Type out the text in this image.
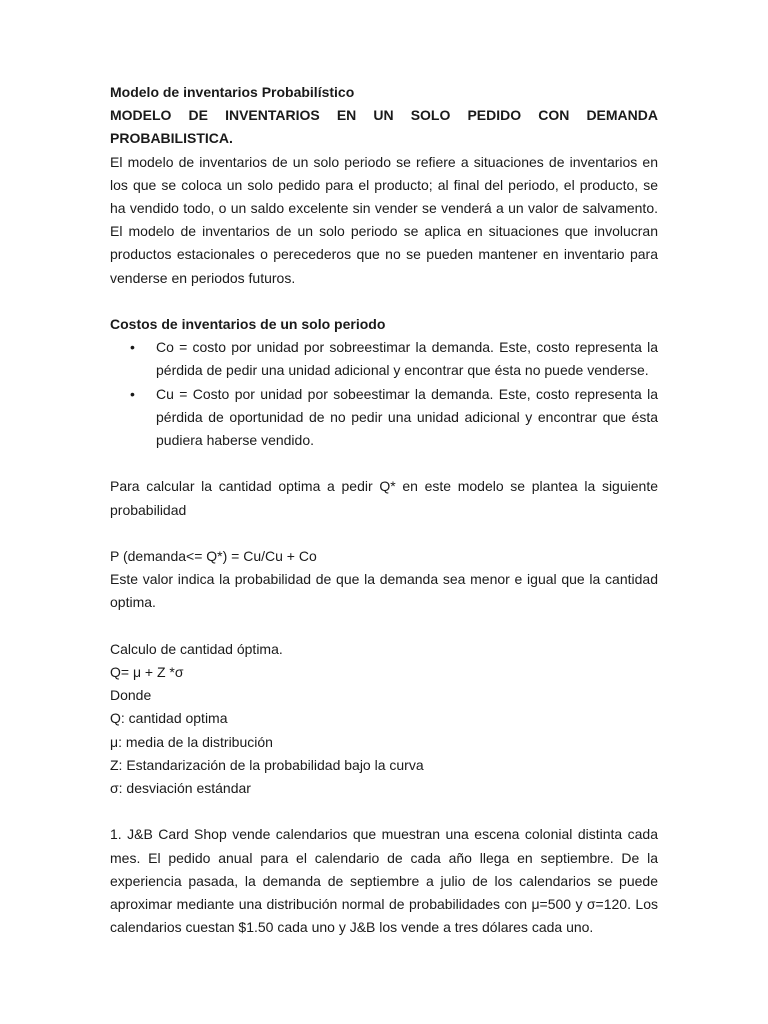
Modelo de inventarios Probabilístico

MODELO DE INVENTARIOS EN UN SOLO PEDIDO CON DEMANDA PROBABILISTICA.

El modelo de inventarios de un solo periodo se refiere a situaciones de inventarios en los que se coloca un solo pedido para el producto; al final del periodo, el producto, se ha vendido todo, o un saldo excelente sin vender se venderá a un valor de salvamento. El modelo de inventarios de un solo periodo se aplica en situaciones que involucran productos estacionales o perecederos que no se pueden mantener en inventario para venderse en periodos futuros.

Costos de inventarios de un solo periodo

• Co = costo por unidad por sobreestimar la demanda. Este, costo representa la pérdida de pedir una unidad adicional y encontrar que ésta no puede venderse.
• Cu = Costo por unidad por sobeestimar la demanda. Este, costo representa la pérdida de oportunidad de no pedir una unidad adicional y encontrar que ésta pudiera haberse vendido.

Para calcular la cantidad optima a pedir Q* en este modelo se plantea la siguiente probabilidad

P (demanda<= Q*) = Cu/Cu + Co

Este valor indica la probabilidad de que la demanda sea menor e igual que la cantidad optima.

Calculo de cantidad óptima.

Q= μ + Z *σ

Donde

Q: cantidad optima

μ: media de la distribución

Z: Estandarización de la probabilidad bajo la curva

σ: desviación estándar

1. J&B Card Shop vende calendarios que muestran una escena colonial distinta cada mes. El pedido anual para el calendario de cada año llega en septiembre. De la experiencia pasada, la demanda de septiembre a julio de los calendarios se puede aproximar mediante una distribución normal de probabilidades con μ=500 y σ=120. Los calendarios cuestan $1.50 cada uno y J&B los vende a tres dólares cada uno.
